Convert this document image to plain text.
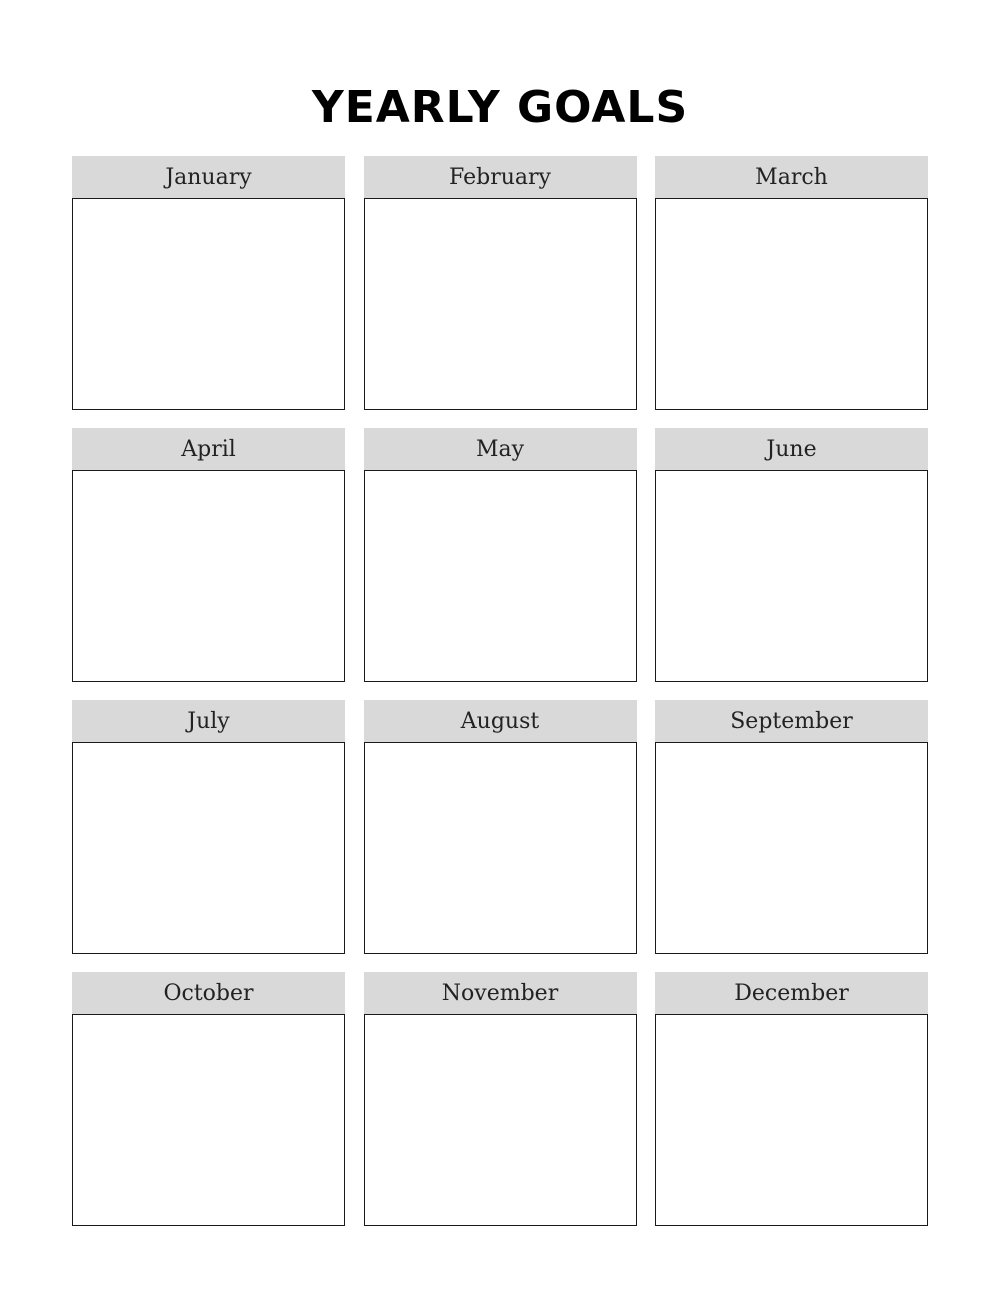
YEARLY GOALS
January	February	March
April	May	June
July	August	September
October	November	December
